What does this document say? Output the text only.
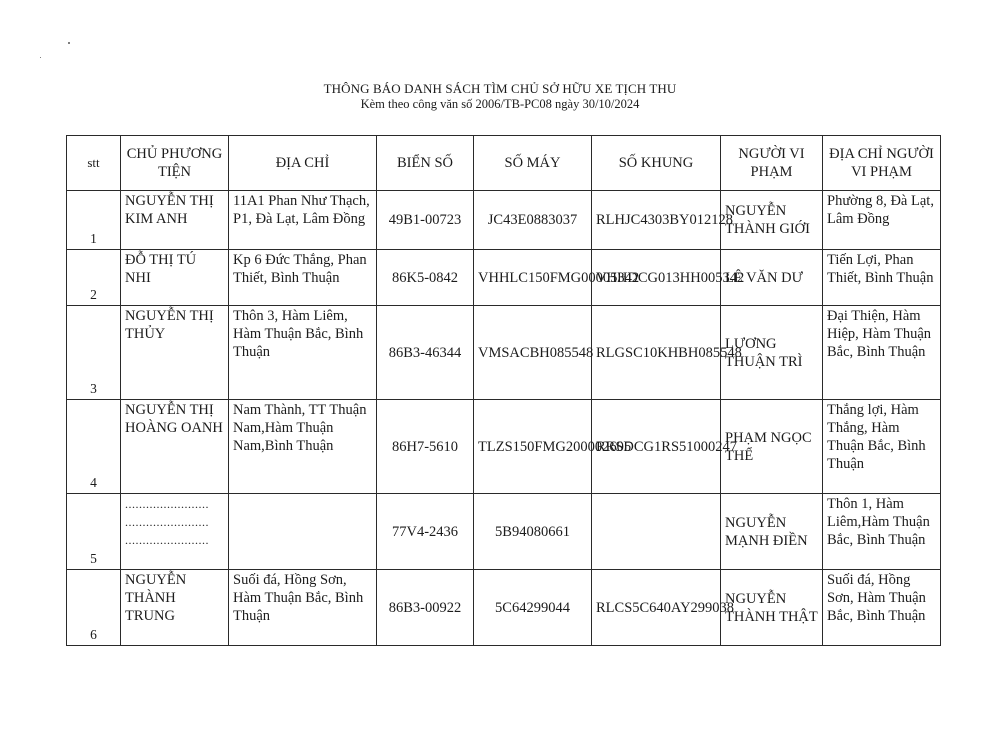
THÔNG BÁO DANH SÁCH TÌM CHỦ SỞ HỮU XE TỊCH THU
Kèm theo công văn số 2006/TB-PC08 ngày 30/10/2024
stt	CHỦ PHƯƠNG TIỆN	ĐỊA CHỈ	BIỂN SỐ	SỐ MÁY	SỐ KHUNG	NGƯỜI VI PHẠM	ĐỊA CHỈ NGƯỜI VI PHẠM
1	NGUYỄN THỊ KIM ANH	11A1 Phan Như Thạch, P1, Đà Lạt, Lâm Đồng	49B1-00723	JC43E0883037	RLHJC4303BY012128	NGUYỄN THÀNH GIỚI	Phường 8, Đà Lạt, Lâm Đồng
2	ĐỖ THỊ TÚ NHI	Kp 6 Đức Thắng, Phan Thiết, Bình Thuận	86K5-0842	VHHLC150FMG00005342	VHHDCG013HH005342	LÊ VĂN DƯ	Tiến Lợi, Phan Thiết, Bình Thuận
3	NGUYỄN THỊ THỦY	Thôn 3, Hàm Liêm, Hàm Thuận Bắc, Bình Thuận	86B3-46344	VMSACBH085548	RLGSC10KHBH085548	LƯƠNG THUẬN TRÌ	Đại Thiện, Hàm Hiệp, Hàm Thuận Bắc, Bình Thuận
4	NGUYỄN THỊ HOÀNG OANH	Nam Thành, TT Thuận Nam,Hàm Thuận Nam,Bình Thuận	86H7-5610	TLZS150FMG200002605	RRSDCG1RS51000247	PHẠM NGỌC THỂ	Thắng lợi, Hàm Thắng, Hàm Thuận Bắc, Bình Thuận
5	........................
........................
........................		77V4-2436	5B94080661		NGUYỄN MẠNH ĐIỀN	Thôn 1, Hàm Liêm,Hàm Thuận Bắc, Bình Thuận
6	NGUYỄN THÀNH TRUNG	Suối đá, Hồng Sơn, Hàm Thuận Bắc, Bình Thuận	86B3-00922	5C64299044	RLCS5C640AY299038	NGUYỄN THÀNH THẬT	Suối đá, Hồng Sơn, Hàm Thuận Bắc, Bình Thuận
